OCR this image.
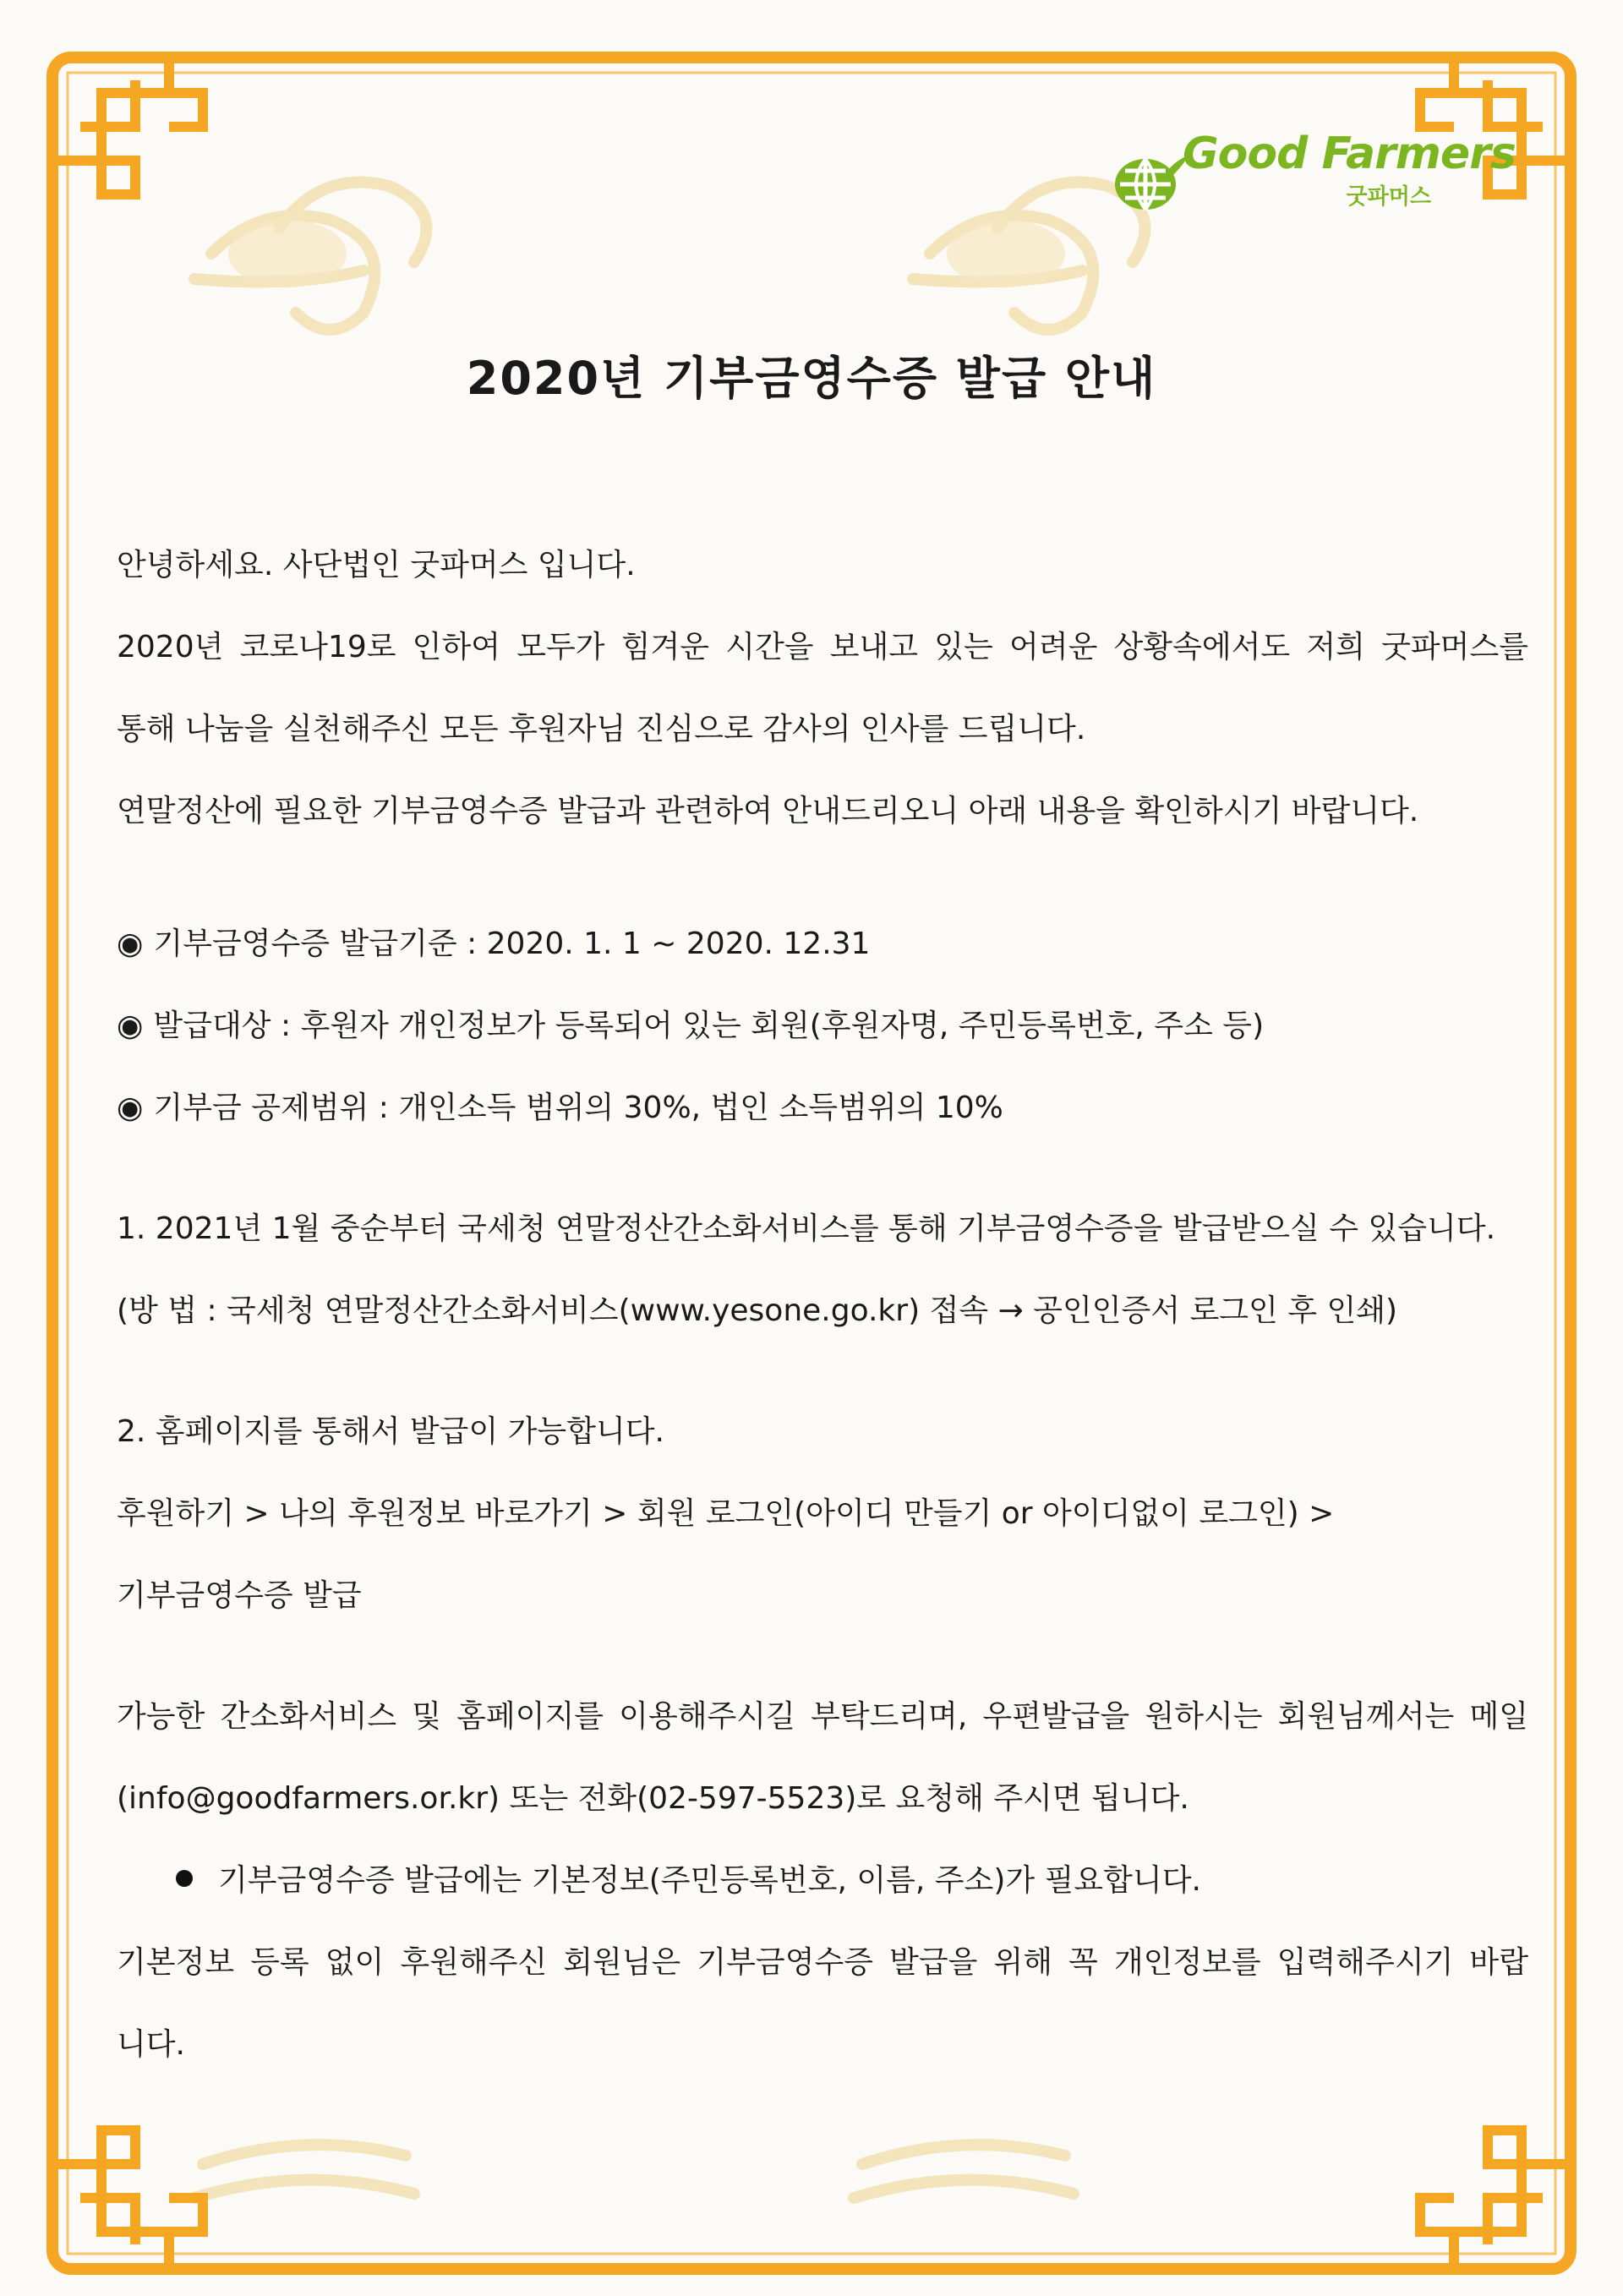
Good Farmers
굿파머스
2020년 기부금영수증 발급 안내
안녕하세요. 사단법인 굿파머스 입니다.
2020년 코로나19로 인하여 모두가 힘겨운 시간을 보내고 있는 어려운 상황속에서도 저희 굿파머스를
통해 나눔을 실천해주신 모든 후원자님 진심으로 감사의 인사를 드립니다.
연말정산에 필요한 기부금영수증 발급과 관련하여 안내드리오니 아래 내용을 확인하시기 바랍니다.
◉ 기부금영수증 발급기준 : 2020. 1. 1 ~ 2020. 12.31
◉ 발급대상 : 후원자 개인정보가 등록되어 있는 회원(후원자명, 주민등록번호, 주소 등)
◉ 기부금 공제범위 : 개인소득 범위의 30%, 법인 소득범위의 10%
1. 2021년 1월 중순부터 국세청 연말정산간소화서비스를 통해 기부금영수증을 발급받으실 수 있습니다.
(방 법 : 국세청 연말정산간소화서비스(www.yesone.go.kr) 접속 → 공인인증서 로그인 후 인쇄)
2. 홈페이지를 통해서 발급이 가능합니다.
후원하기 > 나의 후원정보 바로가기 > 회원 로그인(아이디 만들기 or 아이디없이 로그인) >
기부금영수증 발급
가능한 간소화서비스 및 홈페이지를 이용해주시길 부탁드리며, 우편발급을 원하시는 회원님께서는 메일
(info@goodfarmers.or.kr) 또는 전화(02-597-5523)로 요청해 주시면 됩니다.
기부금영수증 발급에는 기본정보(주민등록번호, 이름, 주소)가 필요합니다.
기본정보 등록 없이 후원해주신 회원님은 기부금영수증 발급을 위해 꼭 개인정보를 입력해주시기 바랍
니다.
